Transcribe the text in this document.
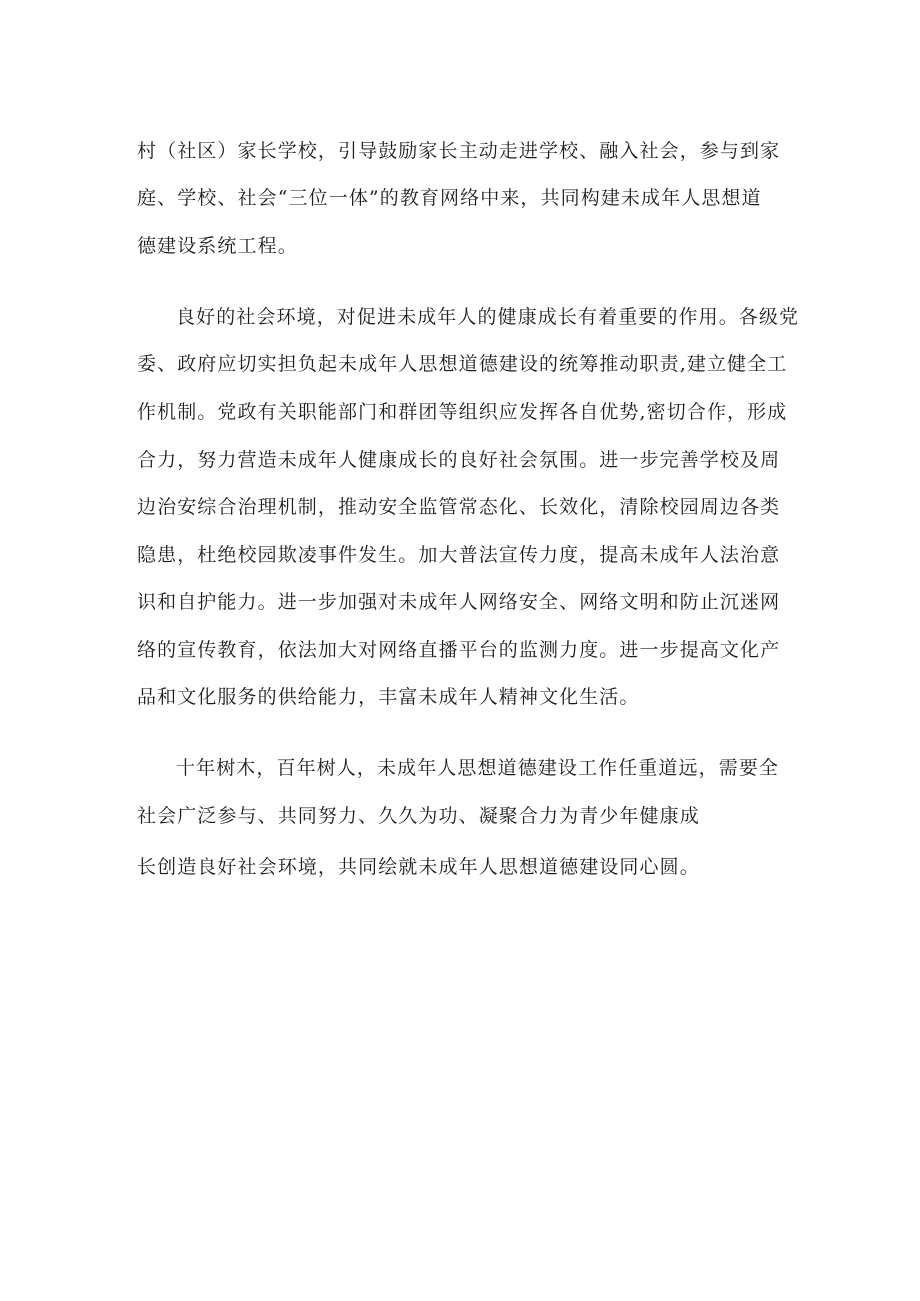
村（社区）家长学校，引导鼓励家长主动走进学校、融入社会，参与到家

庭、学校、社会“三位一体”的教育网络中来，共同构建未成年人思想道

德建设系统工程。

良好的社会环境，对促进未成年人的健康成长有着重要的作用。各级党

委、政府应切实担负起未成年人思想道德建设的统筹推动职责,建立健全工

作机制。党政有关职能部门和群团等组织应发挥各自优势,密切合作，形成

合力，努力营造未成年人健康成长的良好社会氛围。进一步完善学校及周

边治安综合治理机制，推动安全监管常态化、长效化，清除校园周边各类

隐患，杜绝校园欺凌事件发生。加大普法宣传力度，提高未成年人法治意

识和自护能力。进一步加强对未成年人网络安全、网络文明和防止沉迷网

络的宣传教育，依法加大对网络直播平台的监测力度。进一步提高文化产

品和文化服务的供给能力，丰富未成年人精神文化生活。

十年树木，百年树人，未成年人思想道德建设工作任重道远，需要全

社会广泛参与、共同努力、久久为功、凝聚合力为青少年健康成

长创造良好社会环境，共同绘就未成年人思想道德建设同心圆。
